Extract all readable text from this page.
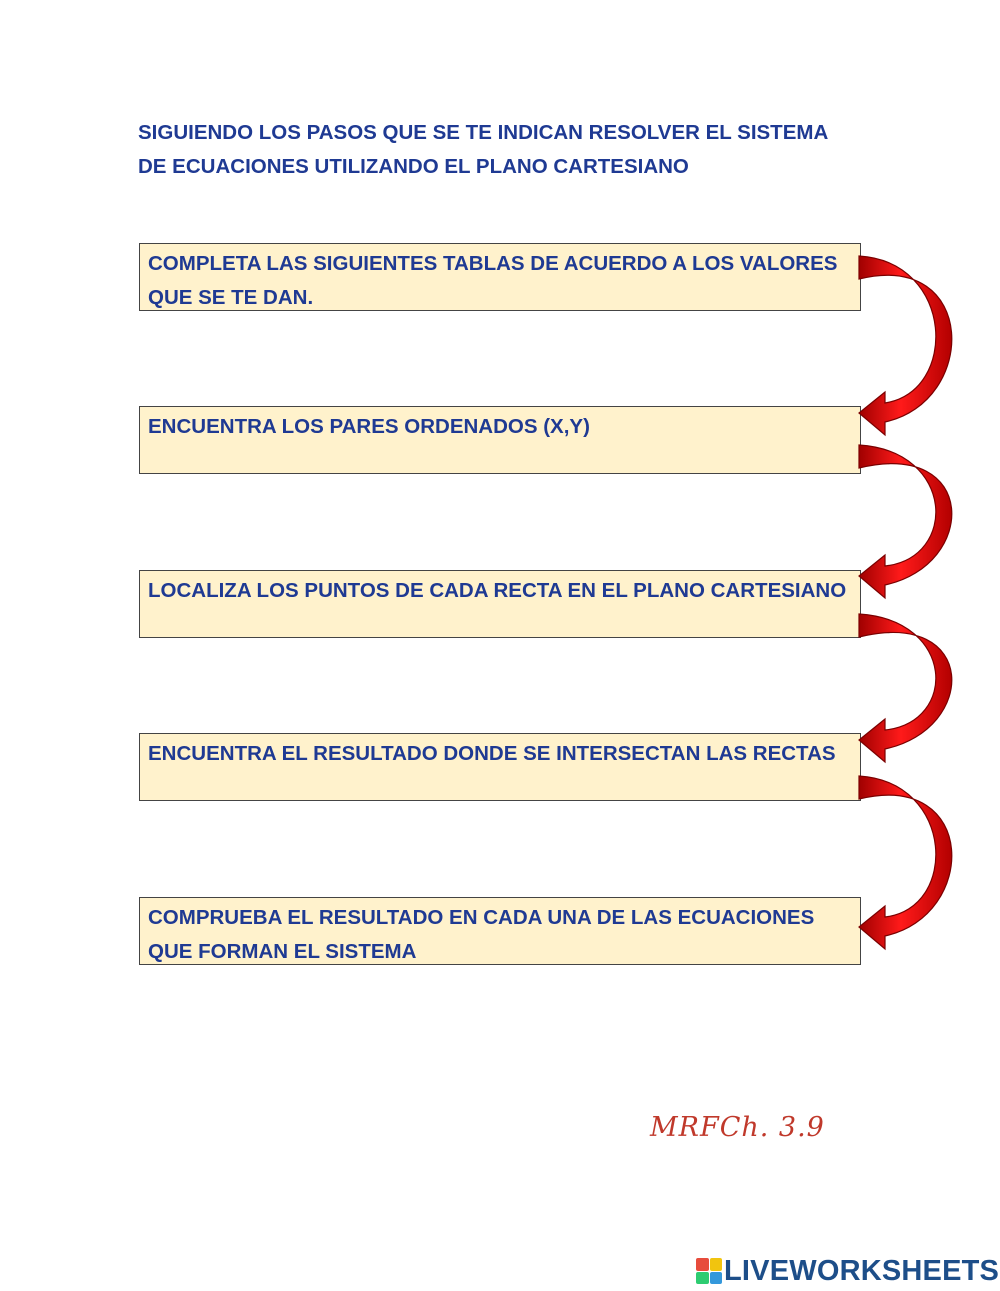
SIGUIENDO LOS PASOS QUE SE TE INDICAN RESOLVER EL SISTEMA
DE ECUACIONES UTILIZANDO EL PLANO CARTESIANO
COMPLETA LAS SIGUIENTES TABLAS DE ACUERDO A LOS VALORES QUE SE TE DAN.
ENCUENTRA LOS PARES ORDENADOS (X,Y)
LOCALIZA LOS PUNTOS DE CADA RECTA EN EL PLANO CARTESIANO
ENCUENTRA EL RESULTADO DONDE SE INTERSECTAN LAS RECTAS
COMPRUEBA EL RESULTADO EN CADA UNA DE LAS ECUACIONES QUE FORMAN EL SISTEMA
MRFCh. 3.9
LIVEWORKSHEETS
